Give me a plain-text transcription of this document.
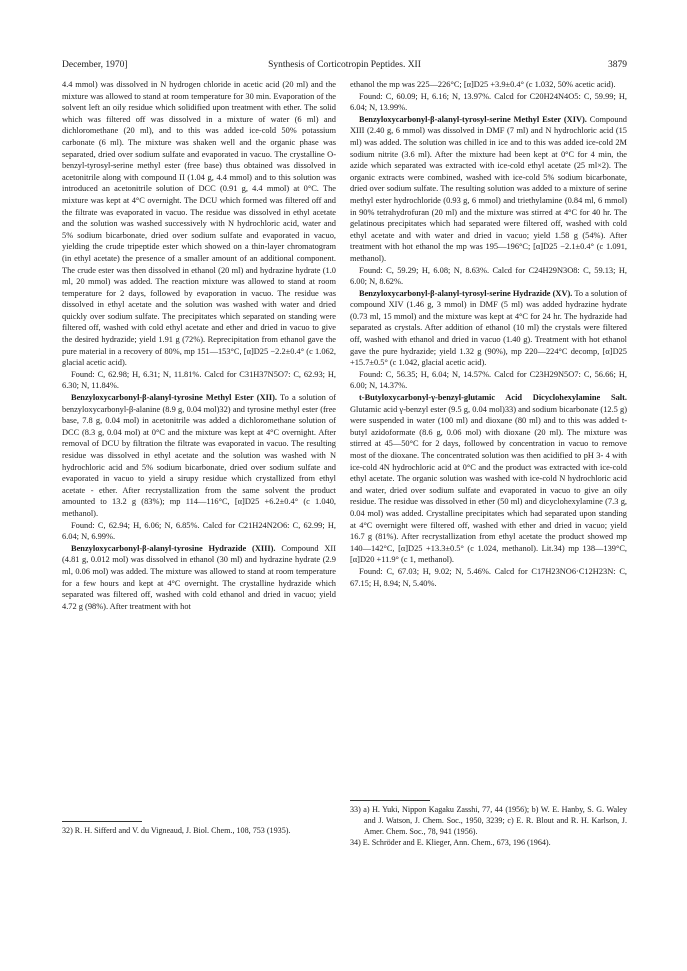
December, 1970]	Synthesis of Corticotropin Peptides. XII	3879

4.4 mmol) was dissolved in N hydrogen chloride in acetic acid (20 ml) and the mixture was allowed to stand at room temperature for 30 min. Evaporation of the solvent left an oily residue which solidified upon treatment with ether. The solid which was filtered off was dissolved in a mixture of water (6 ml) and dichloromethane (20 ml), and to this was added ice-cold 50% potassium carbonate (6 ml). The mixture was shaken well and the organic phase was separated, dried over sodium sulfate and evaporated in vacuo. The crystalline O-benzyl-tyrosyl-serine methyl ester (free base) thus obtained was dissolved in acetonitrile along with compound II (1.04 g, 4.4 mmol) and to this solution was introduced an acetonitrile solution of DCC (0.91 g, 4.4 mmol) at 0°C. The mixture was kept at 4°C overnight. The DCU which formed was filtered off and the filtrate was evaporated in vacuo. The residue was dissolved in ethyl acetate and the solution was washed successively with N hydrochloric acid, water and 5% sodium bicarbonate, dried over sodium sulfate and evaporated in vacuo, yielding the crude tripeptide ester which showed on a thin-layer chromatogram (in ethyl acetate) the presence of a smaller amount of an additional component. The crude ester was then dissolved in ethanol (20 ml) and hydrazine hydrate (1.0 ml, 20 mmol) was added. The reaction mixture was allowed to stand at room temperature for 2 days, followed by evaporation in vacuo. The residue was dissolved in ethyl acetate and the solution was washed with water and dried quickly over sodium sulfate. The precipitates which separated on standing were filtered off, washed with cold ethyl acetate and ether and dried in vacuo to give the desired hydrazide; yield 1.91 g (72%). Reprecipitation from ethanol gave the pure material in a recovery of 80%, mp 151—153°C, [α]D25 −2.2±0.4° (c 1.062, glacial acetic acid).

Found: C, 62.98; H, 6.31; N, 11.81%. Calcd for C31H37N5O7: C, 62.93; H, 6.30; N, 11.84%.

Benzyloxycarbonyl-β-alanyl-tyrosine Methyl Ester (XII). To a solution of benzyloxycarbonyl-β-alanine (8.9 g, 0.04 mol)32) and tyrosine methyl ester (free base, 7.8 g, 0.04 mol) in acetonitrile was added a dichloromethane solution of DCC (8.3 g, 0.04 mol) at 0°C and the mixture was kept at 4°C overnight. After removal of DCU by filtration the filtrate was evaporated in vacuo. The resulting residue was dissolved in ethyl acetate and the solution was washed with N hydrochloric acid and 5% sodium bicarbonate, dried over sodium sulfate and evaporated in vacuo to yield a sirupy residue which crystallized from ethyl acetate - ether. After recrystallization from the same solvent the product amounted to 13.2 g (83%); mp 114—116°C, [α]D25 +6.2±0.4° (c 1.040, methanol).

Found: C, 62.94; H, 6.06; N, 6.85%. Calcd for C21H24N2O6: C, 62.99; H, 6.04; N, 6.99%.

Benzyloxycarbonyl-β-alanyl-tyrosine Hydrazide (XIII). Compound XII (4.81 g, 0.012 mol) was dissolved in ethanol (30 ml) and hydrazine hydrate (2.9 ml, 0.06 mol) was added. The mixture was allowed to stand at room temperature for a few hours and kept at 4°C overnight. The crystalline hydrazide which separated was filtered off, washed with cold ethanol and dried in vacuo; yield 4.72 g (98%). After treatment with hot

ethanol the mp was 225—226°C; [α]D25 +3.9±0.4° (c 1.032, 50% acetic acid).

Found: C, 60.09; H, 6.16; N, 13.97%. Calcd for C20H24N4O5: C, 59.99; H, 6.04; N, 13.99%.

Benzyloxycarbonyl-β-alanyl-tyrosyl-serine Methyl Ester (XIV). Compound XIII (2.40 g, 6 mmol) was dissolved in DMF (7 ml) and N hydrochloric acid (15 ml) was added. The solution was chilled in ice and to this was added ice-cold 2M sodium nitrite (3.6 ml). After the mixture had been kept at 0°C for 4 min, the azide which separated was extracted with ice-cold ethyl acetate (25 ml×2). The organic extracts were combined, washed with ice-cold 5% sodium bicarbonate, dried over sodium sulfate. The resulting solution was added to a mixture of serine methyl ester hydrochloride (0.93 g, 6 mmol) and triethylamine (0.84 ml, 6 mmol) in 90% tetrahydrofuran (20 ml) and the mixture was stirred at 4°C for 40 hr. The gelatinous precipitates which had separated were filtered off, washed with cold ethyl acetate and with water and dried in vacuo; yield 1.58 g (54%). After treatment with hot ethanol the mp was 195—196°C; [α]D25 −2.1±0.4° (c 1.091, methanol).

Found: C, 59.29; H, 6.08; N, 8.63%. Calcd for C24H29N3O8: C, 59.13; H, 6.00; N, 8.62%.

Benzyloxycarbonyl-β-alanyl-tyrosyl-serine Hydrazide (XV). To a solution of compound XIV (1.46 g, 3 mmol) in DMF (5 ml) was added hydrazine hydrate (0.73 ml, 15 mmol) and the mixture was kept at 4°C for 24 hr. The hydrazide had separated as crystals. After addition of ethanol (10 ml) the crystals were filtered off, washed with ethanol and dried in vacuo (1.40 g). Treatment with hot ethanol gave the pure hydrazide; yield 1.32 g (90%), mp 220—224°C decomp, [α]D25 +15.7±0.5° (c 1.042, glacial acetic acid).

Found: C, 56.35; H, 6.04; N, 14.57%. Calcd for C23H29N5O7: C, 56.66; H, 6.00; N, 14.37%.

t-Butyloxycarbonyl-γ-benzyl-glutamic Acid Dicyclohexylamine Salt. Glutamic acid γ-benzyl ester (9.5 g, 0.04 mol)33) and sodium bicarbonate (12.5 g) were suspended in water (100 ml) and dioxane (80 ml) and to this was added t-butyl azidoformate (8.6 g, 0.06 mol) with dioxane (20 ml). The mixture was stirred at 45—50°C for 2 days, followed by concentration in vacuo to remove most of the dioxane. The concentrated solution was then acidified to pH 3- 4 with ice-cold 4N hydrochloric acid at 0°C and the product was extracted with ice-cold ethyl acetate. The organic solution was washed with ice-cold N hydrochloric acid and water, dried over sodium sulfate and evaporated in vacuo to give an oily residue. The residue was dissolved in ether (50 ml) and dicyclohexylamine (7.3 g, 0.04 mol) was added. Crystalline precipitates which had separated upon standing at 4°C overnight were filtered off, washed with ether and dried in vacuo; yield 16.7 g (81%). After recrystallization from ethyl acetate the product showed mp 140—142°C, [α]D25 +13.3±0.5° (c 1.024, methanol). Lit.34) mp 138—139°C, [α]D20 +11.9° (c 1, methanol).

Found: C, 67.03; H, 9.02; N, 5.46%. Calcd for C17H23NO6·C12H23N: C, 67.15; H, 8.94; N, 5.40%.

32) R. H. Sifferd and V. du Vigneaud, J. Biol. Chem., 108, 753 (1935).

33) a) H. Yuki, Nippon Kagaku Zasshi, 77, 44 (1956); b) W. E. Hanby, S. G. Waley and J. Watson, J. Chem. Soc., 1950, 3239; c) E. R. Blout and R. H. Karlson, J. Amer. Chem. Soc., 78, 941 (1956).

34) E. Schröder and E. Klieger, Ann. Chem., 673, 196 (1964).
